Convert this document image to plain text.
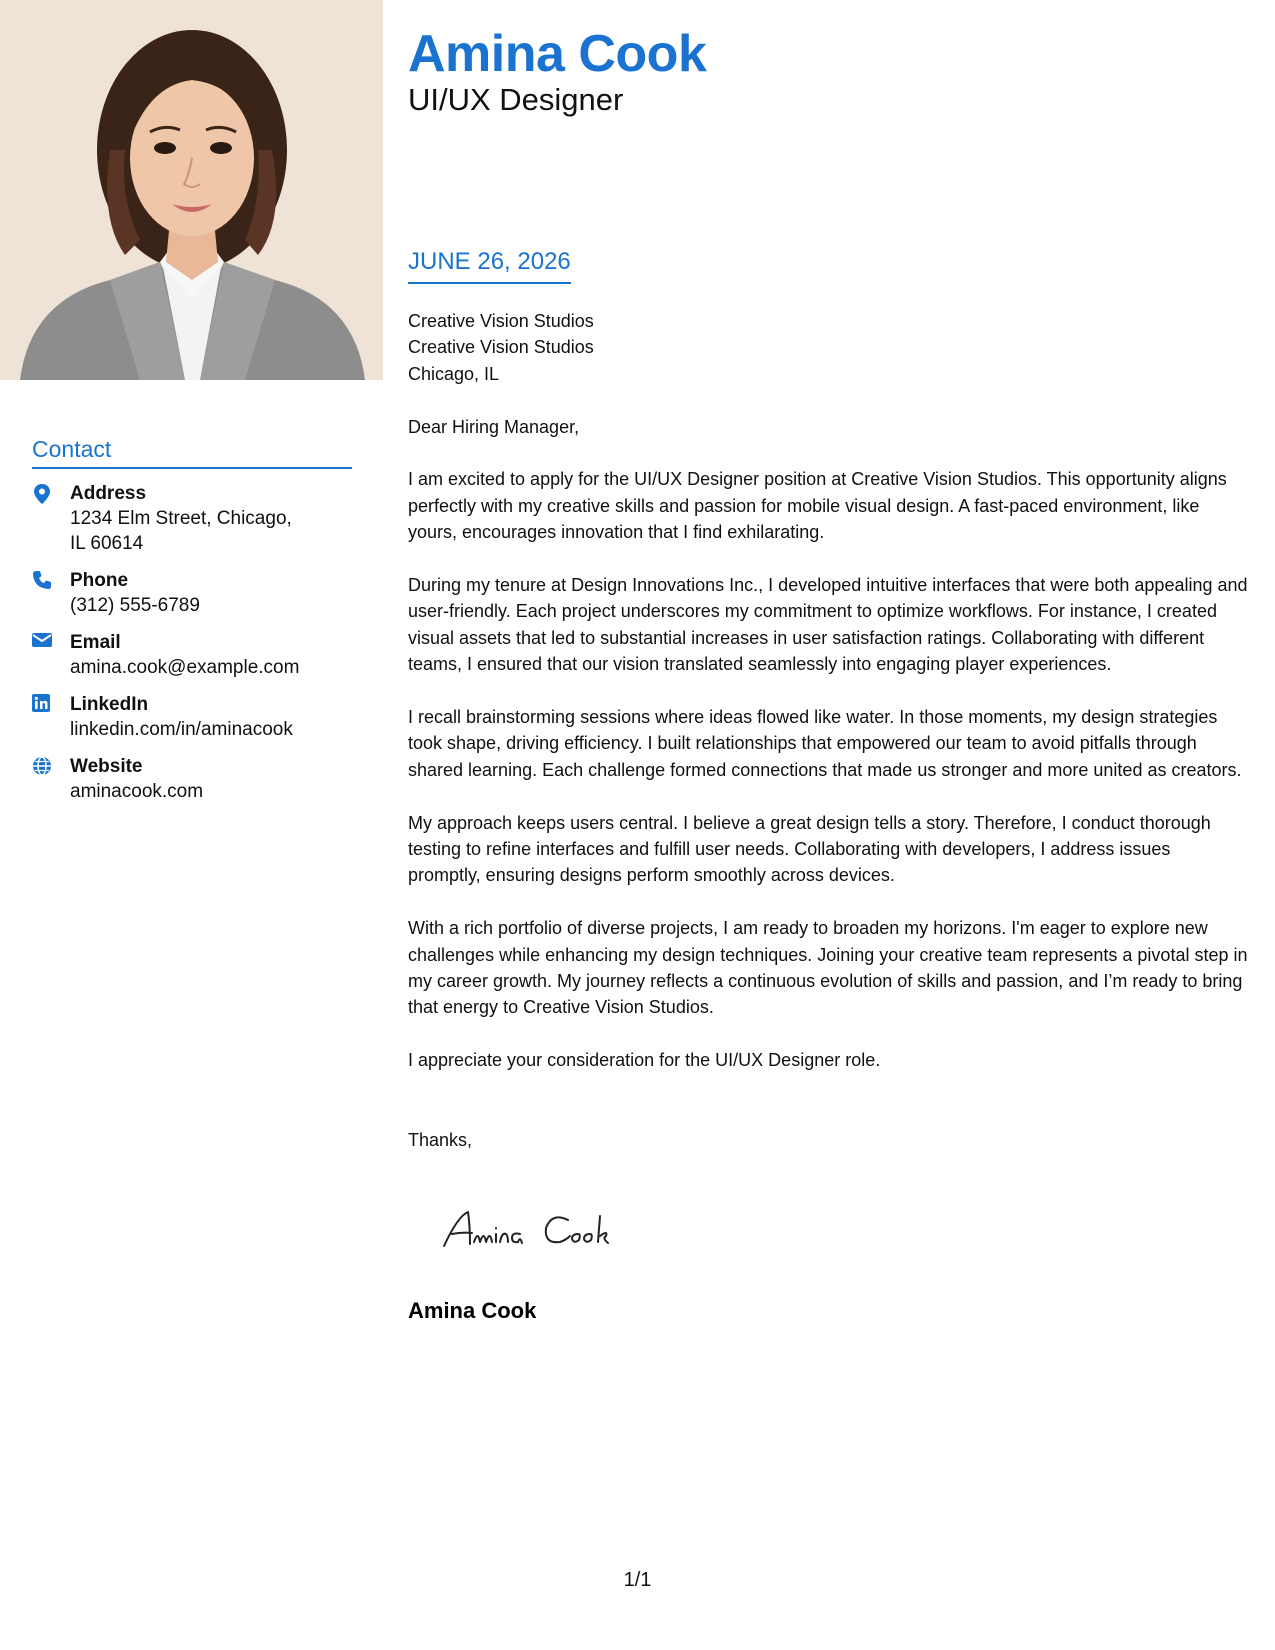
Contact
Address
1234 Elm Street, Chicago, IL 60614
Phone
(312) 555-6789
Email
amina.cook@example.com
LinkedIn
linkedin.com/in/aminacook
Website
aminacook.com
Amina Cook
UI/UX Designer
JUNE 26, 2026
Creative Vision Studios
Creative Vision Studios
Chicago, IL

Dear Hiring Manager,

I am excited to apply for the UI/UX Designer position at Creative Vision Studios. This opportunity aligns perfectly with my creative skills and passion for mobile visual design. A fast-paced environment, like yours, encourages innovation that I find exhilarating.

During my tenure at Design Innovations Inc., I developed intuitive interfaces that were both appealing and user-friendly. Each project underscores my commitment to optimize workflows. For instance, I created visual assets that led to substantial increases in user satisfaction ratings. Collaborating with different teams, I ensured that our vision translated seamlessly into engaging player experiences.

I recall brainstorming sessions where ideas flowed like water. In those moments, my design strategies took shape, driving efficiency. I built relationships that empowered our team to avoid pitfalls through shared learning. Each challenge formed connections that made us stronger and more united as creators.

My approach keeps users central. I believe a great design tells a story. Therefore, I conduct thorough testing to refine interfaces and fulfill user needs. Collaborating with developers, I address issues promptly, ensuring designs perform smoothly across devices.

With a rich portfolio of diverse projects, I am ready to broaden my horizons. I'm eager to explore new challenges while enhancing my design techniques. Joining your creative team represents a pivotal step in my career growth. My journey reflects a continuous evolution of skills and passion, and I’m ready to bring that energy to Creative Vision Studios.

I appreciate your consideration for the UI/UX Designer role.

Thanks,

Amina Cook
1/1
